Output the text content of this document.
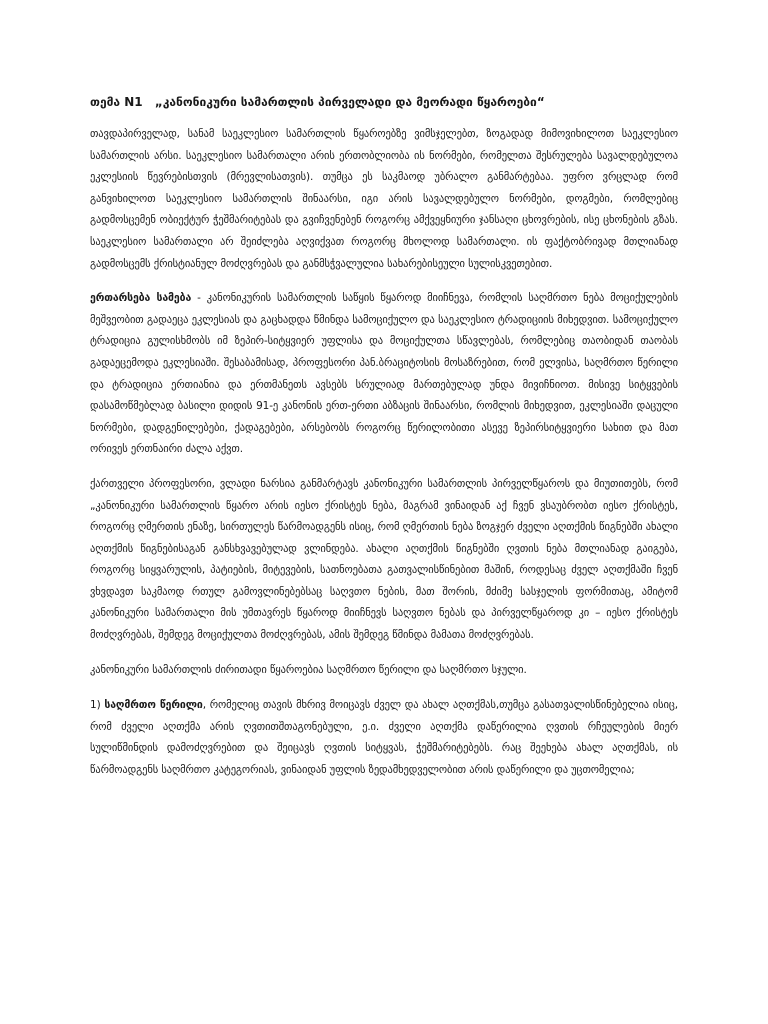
თემა N1 „კანონიკური სამართლის პირველადი და მეორადი წყაროები“

თავდაპირველად, სანამ საეკლესიო სამართლის წყაროებზე ვიმსჯელებთ, ზოგადად მიმოვიხილოთ საეკლესიო სამართლის არსი. საეკლესიო სამართალი არის ერთობლიობა ის ნორმები, რომელთა შესრულება სავალდებულოა ეკლესიის წევრებისთვის (მრევლისათვის). თუმცა ეს საკმაოდ უბრალო განმარტებაა. უფრო ვრცლად რომ განვიხილოთ საეკლესიო სამართლის შინაარსი, იგი არის სავალდებულო ნორმები, დოგმები, რომლებიც გადმოსცემენ ობიექტურ ჭეშმარიტებას და გვიჩვენებენ როგორც ამქვეყნიური ჯანსაღი ცხოვრების, ისე ცხონების გზას. საეკლესიო სამართალი არ შეიძლება აღვიქვათ როგორც მხოლოდ სამართალი. ის ფაქტობრივად მთლიანად გადმოსცემს ქრისტიანულ მოძღვრებას და განმსჭვალულია სახარებისეული სულისკვეთებით.

ერთარსება სამება - კანონიკურის სამართლის საწყის წყაროდ მიიჩნევა, რომლის საღმრთო ნება მოციქულების მეშვეობით გადაეცა ეკლესიას და გაცხადდა წმინდა სამოციქულო და საეკლესიო ტრადიციის მიხედვით. სამოციქულო ტრადიცია გულისხმობს იმ ზეპირ-სიტყვიერ უფლისა და მოციქულთა სწავლებას, რომლებიც თაობიდან თაობას გადაეცემოდა ეკლესიაში. შესაბამისად, პროფესორი პან.ბრაციტოსის მოსაზრებით, რომ ელვისა, საღმრთო წერილი და ტრადიცია ერთიანია და ერთმანეთს ავსებს სრულიად მართებულად უნდა მივიჩნიოთ. მისივე სიტყვების დასამოწმებლად ბასილი დიდის 91-ე კანონის ერთ-ერთი აბზაცის შინაარსი, რომლის მიხედვით, ეკლესიაში დაცული ნორმები, დადგენილებები, ქადაგებები, არსებობს როგორც წერილობითი ასევე ზეპირსიტყვიერი სახით და მათ ორივეს ერთნაირი ძალა აქვთ.

ქართველი პროფესორი, ვლადი ნარსია განმარტავს კანონიკური სამართლის პირველწყაროს და მიუთითებს, რომ „კანონიკური სამართლის წყარო არის იესო ქრისტეს ნება, მაგრამ ვინაიდან აქ ჩვენ ვსაუბრობთ იესო ქრისტეს, როგორც ღმერთის ენაზე, სირთულეს წარმოადგენს ისიც, რომ ღმერთის ნება ზოგჯერ ძველი აღთქმის წიგნებში ახალი აღთქმის წიგნებისაგან განსხვავებულად ვლინდება. ახალი აღთქმის წიგნებში ღვთის ნება მთლიანად გაიგება, როგორც სიყვარულის, პატიების, მიტევების, სათნოებათა გათვალისწინებით მაშინ, როდესაც ძველ აღთქმაში ჩვენ ვხვდავთ საკმაოდ რთულ გამოვლინებებსაც საღვთო ნების, მათ შორის, მძიმე სასჯელის ფორმითაც, ამიტომ კანონიკური სამართალი მის უმთავრეს წყაროდ მიიჩნევს საღვთო ნებას და პირველწყაროდ კი – იესო ქრისტეს მოძღვრებას, შემდეგ მოციქულთა მოძღვრებას, ამის შემდეგ წმინდა მამათა მოძღვრებას.

კანონიკური სამართლის ძირითადი წყაროებია საღმრთო წერილი და საღმრთო სჯული.

1) საღმრთო წერილი, რომელიც თავის მხრივ მოიცავს ძველ და ახალ აღთქმას,თუმცა გასათვალისწინებელია ისიც, რომ ძველი აღთქმა არის ღვთითშთაგონებული, ე.ი. ძველი აღთქმა დაწერილია ღვთის რჩეულების მიერ სულიწმინდის დამოძღვრებით და შეიცავს ღვთის სიტყვას, ჭეშმარიტებებს. რაც შეეხება ახალ აღთქმას, ის წარმოადგენს საღმრთო კატეგორიას, ვინაიდან უფლის ზედამხედველობით არის დაწერილი და უცთომელია;
